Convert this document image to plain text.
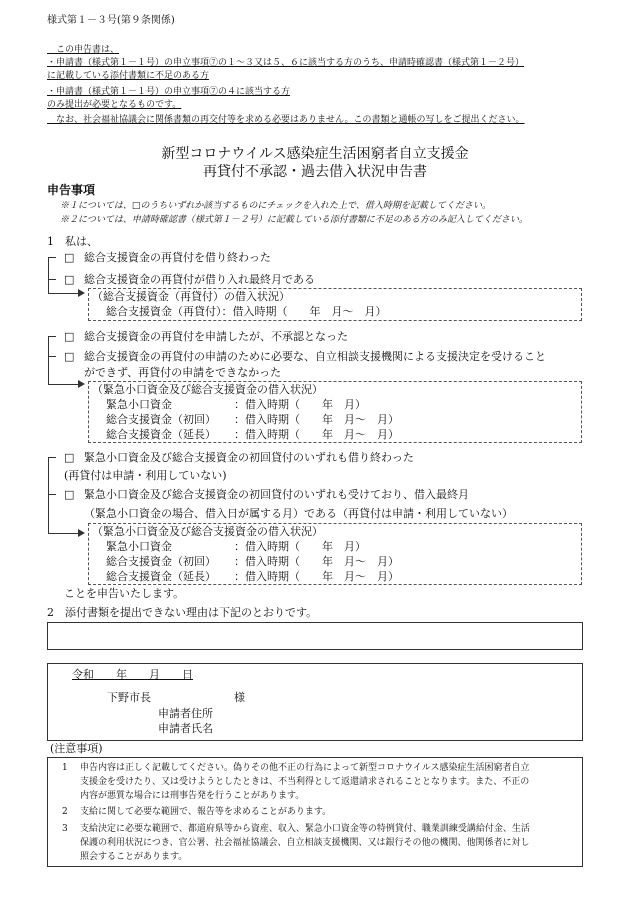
様式第１－３号(第９条関係)
　この申告書は、
・申請書（様式第１－１号）の申立事項⑦の１～３又は５、６に該当する方のうち、申請時確認書（様式第１－２号）
に記載している添付書類に不足のある方
・申請書（様式第１－１号）の申立事項⑦の４に該当する方
のみ提出が必要となるものです。
　なお、社会福祉協議会に関係書類の再交付等を求める必要はありません。この書類と通帳の写しをご提出ください。
新型コロナウイルス感染症生活困窮者自立支援金
再貸付不承認・過去借入状況申告書
申告事項
※１については、□のうちいずれか該当するものにチェックを入れた上で、借入時期を記載してください。
※２については、申請時確認書（様式第１－２号）に記載している添付書類に不足のある方のみ記入してください。
1　私は、
□ 総合支援資金の再貸付を借り終わった
□ 総合支援資金の再貸付が借り入れ最終月である
（総合支援資金（再貸付）の借入状況）
総合支援資金（再貸付）：借入時期（　　年　月～　月）
□ 総合支援資金の再貸付を申請したが、不承認となった
□ 総合支援資金の再貸付の申請のために必要な、自立相談支援機関による支援決定を受けること
ができず、再貸付の申請をできなかった
（緊急小口資金及び総合支援資金の借入状況）
緊急小口資金	：借入時期（　　年　月）
総合支援資金（初回） ：借入時期（　　年　月～　月）
総合支援資金（延長） ：借入時期（　　年　月～　月）
□ 緊急小口資金及び総合支援資金の初回貸付のいずれも借り終わった
(再貸付は申請・利用していない)
□ 緊急小口資金及び総合支援資金の初回貸付のいずれも受けており、借入最終月
（緊急小口資金の場合、借入日が属する月）である（再貸付は申請・利用していない）
（緊急小口資金及び総合支援資金の借入状況）
緊急小口資金	：借入時期（　　年　月）
総合支援資金（初回） ：借入時期（　　年　月～　月）
総合支援資金（延長） ：借入時期（　　年　月～　月）
ことを申告いたします。
2　添付書類を提出できない理由は下記のとおりです。
令和　　年　　月　　日
下野市長	様
申請者住所
申請者氏名
(注意事項)
1 申告内容は正しく記載してください。偽りその他不正の行為によって新型コロナウイルス感染症生活困窮者自立
支援金を受けたり、又は受けようとしたときは、不当利得として返還請求されることとなります。また、不正の
内容が悪質な場合には刑事告発を行うことがあります。
2 支給に関して必要な範囲で、報告等を求めることがあります。
3 支給決定に必要な範囲で、都道府県等から資産、収入、緊急小口資金等の特例貸付、職業訓練受講給付金、生活
保護の利用状況につき、官公署、社会福祉協議会、自立相談支援機関、又は銀行その他の機関、他関係者に対し
照会することがあります。
